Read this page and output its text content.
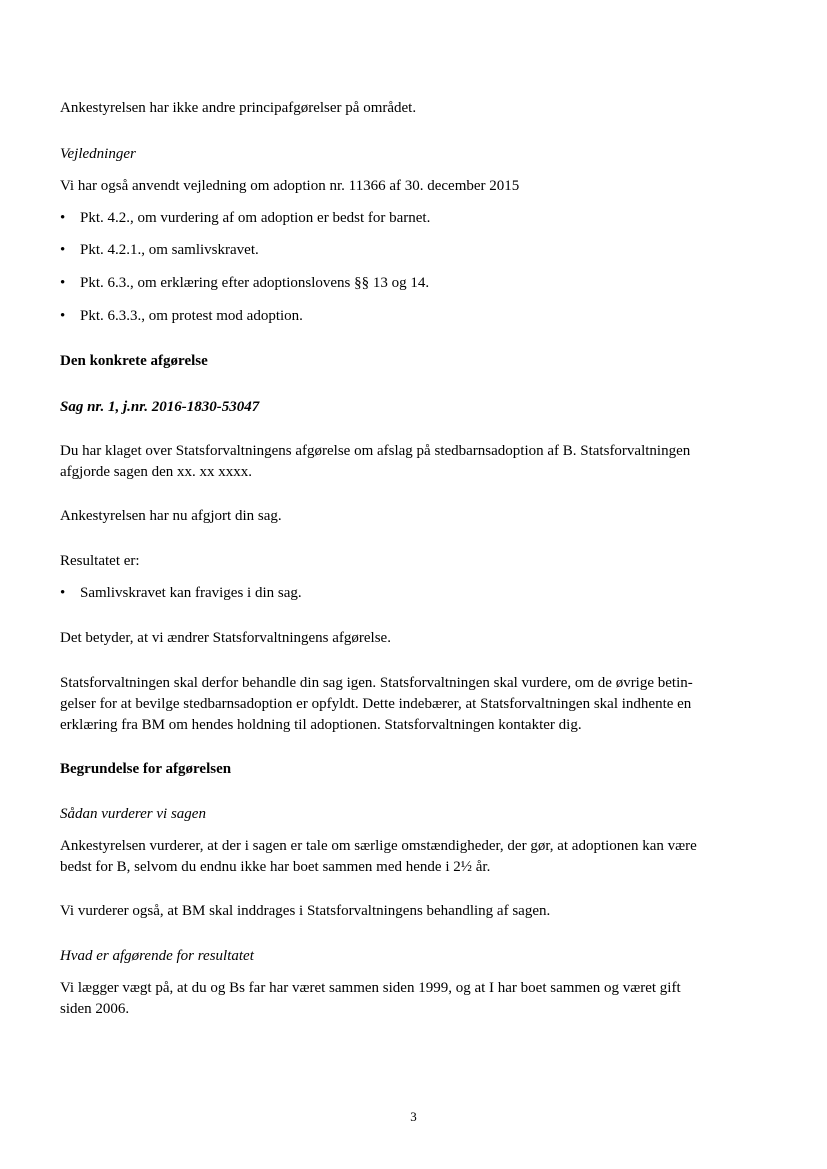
Ankestyrelsen har ikke andre principafgørelser på området.
Vejledninger
Vi har også anvendt vejledning om adoption nr. 11366 af 30. december 2015
• Pkt. 4.2., om vurdering af om adoption er bedst for barnet.
• Pkt. 4.2.1., om samlivskravet.
• Pkt. 6.3., om erklæring efter adoptionslovens §§ 13 og 14.
• Pkt. 6.3.3., om protest mod adoption.
Den konkrete afgørelse
Sag nr. 1, j.nr. 2016-1830-53047
Du har klaget over Statsforvaltningens afgørelse om afslag på stedbarnsadoption af B. Statsforvaltningen
afgjorde sagen den xx. xx xxxx.
Ankestyrelsen har nu afgjort din sag.
Resultatet er:
• Samlivskravet kan fraviges i din sag.
Det betyder, at vi ændrer Statsforvaltningens afgørelse.
Statsforvaltningen skal derfor behandle din sag igen. Statsforvaltningen skal vurdere, om de øvrige betin-
gelser for at bevilge stedbarnsadoption er opfyldt. Dette indebærer, at Statsforvaltningen skal indhente en
erklæring fra BM om hendes holdning til adoptionen. Statsforvaltningen kontakter dig.
Begrundelse for afgørelsen
Sådan vurderer vi sagen
Ankestyrelsen vurderer, at der i sagen er tale om særlige omstændigheder, der gør, at adoptionen kan være
bedst for B, selvom du endnu ikke har boet sammen med hende i 2½ år.
Vi vurderer også, at BM skal inddrages i Statsforvaltningens behandling af sagen.
Hvad er afgørende for resultatet
Vi lægger vægt på, at du og Bs far har været sammen siden 1999, og at I har boet sammen og været gift
siden 2006.
3
